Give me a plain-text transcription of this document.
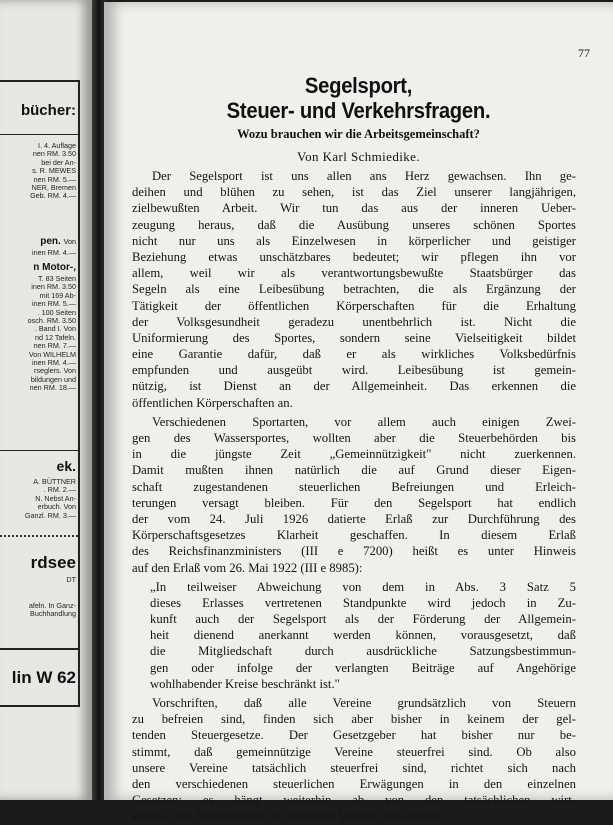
bücher:
I. 4. Auflage
nen RM. 3.50
bei der An-
s. R. MEWES
nen RM. 5.—
NER, Bremen
Geb. RM. 4.—
pen. Von
inen RM. 4.—
n Motor-,
T. 83 Seiten
inen RM. 3.50
mit 169 Ab-
inen RM. 5.—
. 100 Seiten
osch. RM. 3.50
. Band I. Von
nd 12 Tafeln.
nen RM. 7.—
Von WILHELM
inen RM. 4.—
rseglers. Von
bildungen und
nen RM. 18.—
ek.
A. BÜTTNER
. RM. 2.—
N. Nebst An-
erbuch. Von
Ganzl. RM. 3.—
rdsee
DT
afeln. In Ganz-
Buchhandlung
lin W 62
77
Segelsport,
Steuer- und Verkehrsfragen.
Wozu brauchen wir die Arbeitsgemeinschaft?
Von Karl Schmiedike.
Der Segelsport ist uns allen ans Herz gewachsen. Ihn ge-
deihen und blühen zu sehen, ist das Ziel unserer langjährigen,
zielbewußten Arbeit. Wir tun das aus der inneren Ueber-
zeugung heraus, daß die Ausübung unseres schönen Sportes
nicht nur uns als Einzelwesen in körperlicher und geistiger
Beziehung etwas unschätzbares bedeutet; wir pflegen ihn vor
allem, weil wir als verantwortungsbewußte Staatsbürger das
Segeln als eine Leibesübung betrachten, die als Ergänzung der
Tätigkeit der öffentlichen Körperschaften für die Erhaltung
der Volksgesundheit geradezu unentbehrlich ist. Nicht die
Uniformierung des Sportes, sondern seine Vielseitigkeit bildet
eine Garantie dafür, daß er als wirkliches Volksbedürfnis
empfunden und ausgeübt wird. Leibesübung ist gemein-
nützig, ist Dienst an der Allgemeinheit. Das erkennen die
öffentlichen Körperschaften an.
Verschiedenen Sportarten, vor allem auch einigen Zwei-
gen des Wassersportes, wollten aber die Steuerbehörden bis
in die jüngste Zeit „Gemeinnützigkeit" nicht zuerkennen.
Damit mußten ihnen natürlich die auf Grund dieser Eigen-
schaft zugestandenen steuerlichen Befreiungen und Erleich-
terungen versagt bleiben. Für den Segelsport hat endlich
der vom 24. Juli 1926 datierte Erlaß zur Durchführung des
Körperschaftsgesetzes Klarheit geschaffen. In diesem Erlaß
des Reichsfinanzministers (III e 7200) heißt es unter Hinweis
auf den Erlaß vom 26. Mai 1922 (III e 8985):
„In teilweiser Abweichung von dem in Abs. 3 Satz 5
dieses Erlasses vertretenen Standpunkte wird jedoch in Zu-
kunft auch der Segelsport als der Förderung der Allgemein-
heit dienend anerkannt werden können, vorausgesetzt, daß
die Mitgliedschaft durch ausdrückliche Satzungsbestimmun-
gen oder infolge der verlangten Beiträge auf Angehörige
wohlhabender Kreise beschränkt ist."
Vorschriften, daß alle Vereine grundsätzlich von Steuern
zu befreien sind, finden sich aber bisher in keinem der gel-
tenden Steuergesetze. Der Gesetzgeber hat bisher nur be-
stimmt, daß gemeinnützige Vereine steuerfrei sind. Ob also
unsere Vereine tatsächlich steuerfrei sind, richtet sich nach
den verschiedenen steuerlichen Erwägungen in den einzelnen
Gesetzen; es hängt weiterhin ab von den tatsächlichen wirt-
schaftlichen Verhältnissen der einzelnen Vereine und von den
